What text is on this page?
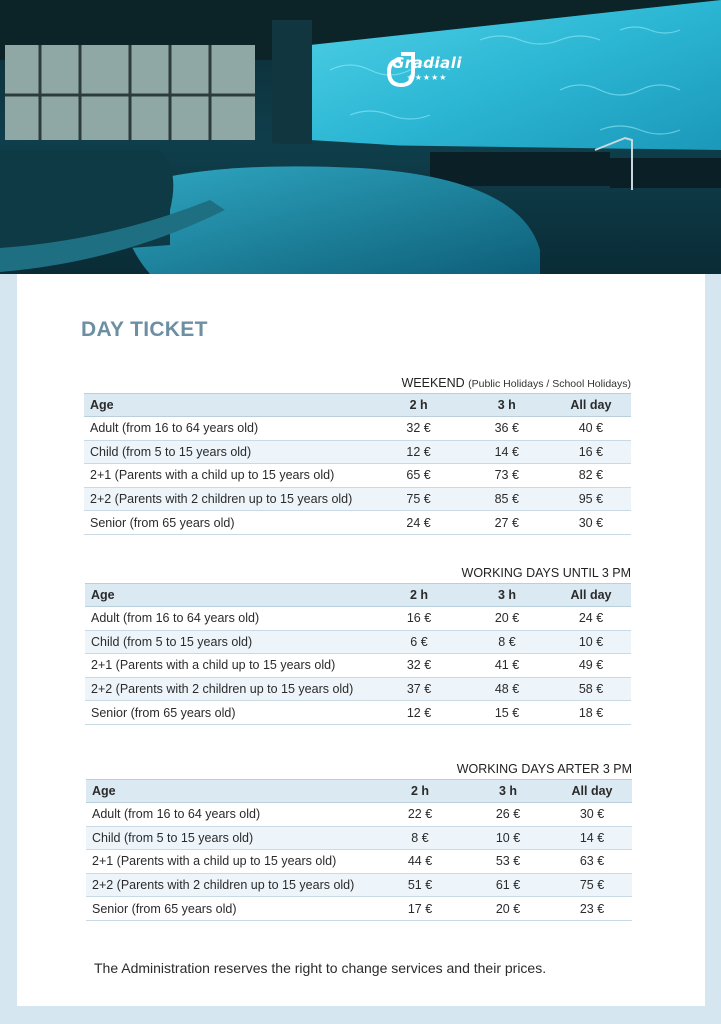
Gradiali
★★★★★
DAY TICKET
WEEKEND (Public Holidays / School Holidays)
Age	2 h	3 h	All day
Adult (from 16 to 64 years old)	32 €	36 €	40 €
Child (from 5 to 15 years old)	12 €	14 €	16 €
2+1 (Parents with a child up to 15 years old)	65 €	73 €	82 €
2+2 (Parents with 2 children up to 15 years old)	75 €	85 €	95 €
Senior (from 65 years old)	24 €	27 €	30 €
WORKING DAYS UNTIL 3 PM
Age	2 h	3 h	All day
Adult (from 16 to 64 years old)	16 €	20 €	24 €
Child (from 5 to 15 years old)	6 €	8 €	10 €
2+1 (Parents with a child up to 15 years old)	32 €	41 €	49 €
2+2 (Parents with 2 children up to 15 years old)	37 €	48 €	58 €
Senior (from 65 years old)	12 €	15 €	18 €
WORKING DAYS ARTER 3 PM
Age	2 h	3 h	All day
Adult (from 16 to 64 years old)	22 €	26 €	30 €
Child (from 5 to 15 years old)	8 €	10 €	14 €
2+1 (Parents with a child up to 15 years old)	44 €	53 €	63 €
2+2 (Parents with 2 children up to 15 years old)	51 €	61 €	75 €
Senior (from 65 years old)	17 €	20 €	23 €

The Administration reserves the right to change services and their prices.
